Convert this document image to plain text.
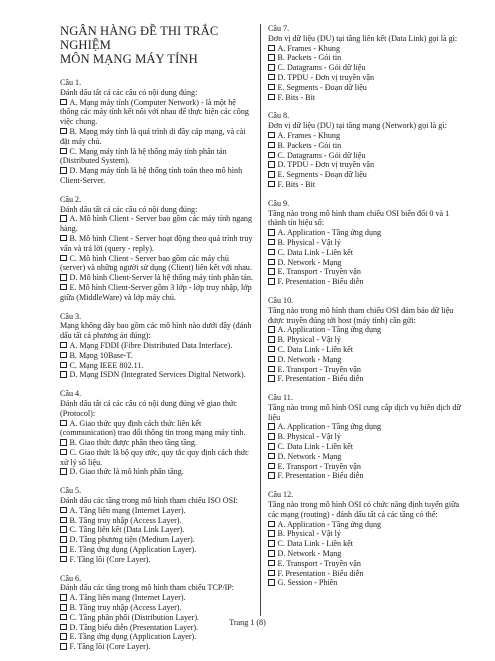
NGÂN HÀNG ĐỀ THI TRẮC NGHIỆM
MÔN MẠNG MÁY TÍNH
Câu 1.
Đánh dấu tất cả các câu có nội dung đúng:
A. Mạng máy tính (Computer Network) - là một hệ thống các máy tính kết nối với nhau để thực hiện các công việc chung.
B. Mạng máy tính là quá trình di đầy cáp mạng, và cài đặt máy chủ.
C. Mạng máy tính là hệ thống máy tính phân tán (Distributed System).
D. Mạng máy tính là hệ thống tính toán theo mô hình Client-Server.
Câu 2.
Đánh dấu tất cả các câu có nội dung đúng:
A. Mô hình Client - Server bao gồm các máy tính ngang hàng.
B. Mô hình Client - Server hoạt động theo quá trình truy vấn và trả lời (query - reply).
C. Mô hình Client - Server bao gồm các máy chủ (server) và những người sử dụng (Client) liên kết với nhau.
D. Mô hình Client-Server là hệ thống máy tính phân tán.
E. Mô hình Client-Server gồm 3 lớp - lớp truy nhập, lớp giữa (MiddleWare) và lớp máy chủ.
Câu 3.
Mạng không dây bao gồm các mô hình nào dưới đây (đánh dấu tất cả phương án đúng):
A. Mạng FDDI (Fibre Distributed Data Interface).
B. Mạng 10Base-T.
C. Mạng IEEE 802.11.
D. Mạng ISDN (Integrated Services Digital Network).
Câu 4.
Đánh dấu tất cả các câu có nội dung đúng về giao thức (Protocol):
A. Giao thức quy định cách thức liên kết (communication) trao đổi thông tin trong mạng máy tính.
B. Giao thức được phân theo tầng tầng.
C. Giao thức là bộ quy ước, quy tắc quy định cách thức xử lý số liệu.
D. Giao thức là mô hình phân tầng.
Câu 5.
Đánh dấu các tầng trong mô hình tham chiếu ISO OSI:
A. Tầng liên mạng (Internet Layer).
B. Tầng truy nhập (Access Layer).
C. Tầng liên kết (Data Link Layer).
D. Tầng phương tiện (Medium Layer).
E. Tầng ứng dụng (Application Layer).
F. Tầng lõi (Core Layer).
Câu 6.
Đánh dấu các tầng trong mô hình tham chiếu TCP/IP:
A. Tầng liên mạng (Internet Layer).
B. Tầng truy nhập (Access Layer).
C. Tầng phân phối (Distribution Layer).
D. Tầng biểu diễn (Presentation Layer).
E. Tầng ứng dụng (Application Layer).
F. Tầng lõi (Core Layer).
Câu 7.
Đơn vị dữ liệu (DU) tại tầng liên kết (Data Link) gọi là gì:
A. Frames - Khung
B. Packets - Gói tin
C. Datagrams - Gói dữ liệu
D. TPDU - Đơn vị truyền vận
E. Segments - Đoạn dữ liệu
F. Bits - Bit
Câu 8.
Đơn vị dữ liệu (DU) tại tầng mạng (Network) gọi là gì:
A. Frames - Khung
B. Packets - Gói tin
C. Datagrams - Gói dữ liệu
D. TPDU - Đơn vị truyền vận
E. Segments - Đoạn dữ liệu
F. Bits - Bit
Câu 9.
Tầng nào trong mô hình tham chiếu OSI biến đổi 0 và 1 thành tín hiệu số:
A. Application - Tầng ứng dụng
B. Physical - Vật lý
C. Data Link - Liên kết
D. Network - Mạng
E. Transport - Truyền vận
F. Presentation - Biểu diễn
Câu 10.
Tầng nào trong mô hình tham chiếu OSI đảm bảo dữ liệu được truyền đúng tới host (máy tính) cần gửi:
A. Application - Tầng ứng dụng
B. Physical - Vật lý
C. Data Link - Liên kết
D. Network - Mạng
E. Transport - Truyền vận
F. Presentation - Biểu diễn
Câu 11.
Tầng nào trong mô hình OSI cung cấp dịch vụ biên dịch dữ liệu
A. Application - Tầng ứng dụng
B. Physical - Vật lý
C. Data Link - Liên kết
D. Network - Mạng
E. Transport - Truyền vận
F. Presentation - Biểu diễn
Câu 12.
Tầng nào trong mô hình OSI có chức năng định tuyến giữa các mạng (routing) - đánh dấu tất cả các tầng có thể:
A. Application - Tầng ứng dụng
B. Physical - Vật lý
C. Data Link - Liên kết
D. Network - Mạng
E. Transport - Truyền vận
F. Presentation - Biểu diễn
G. Session - Phiên
Trang 1 (8)
